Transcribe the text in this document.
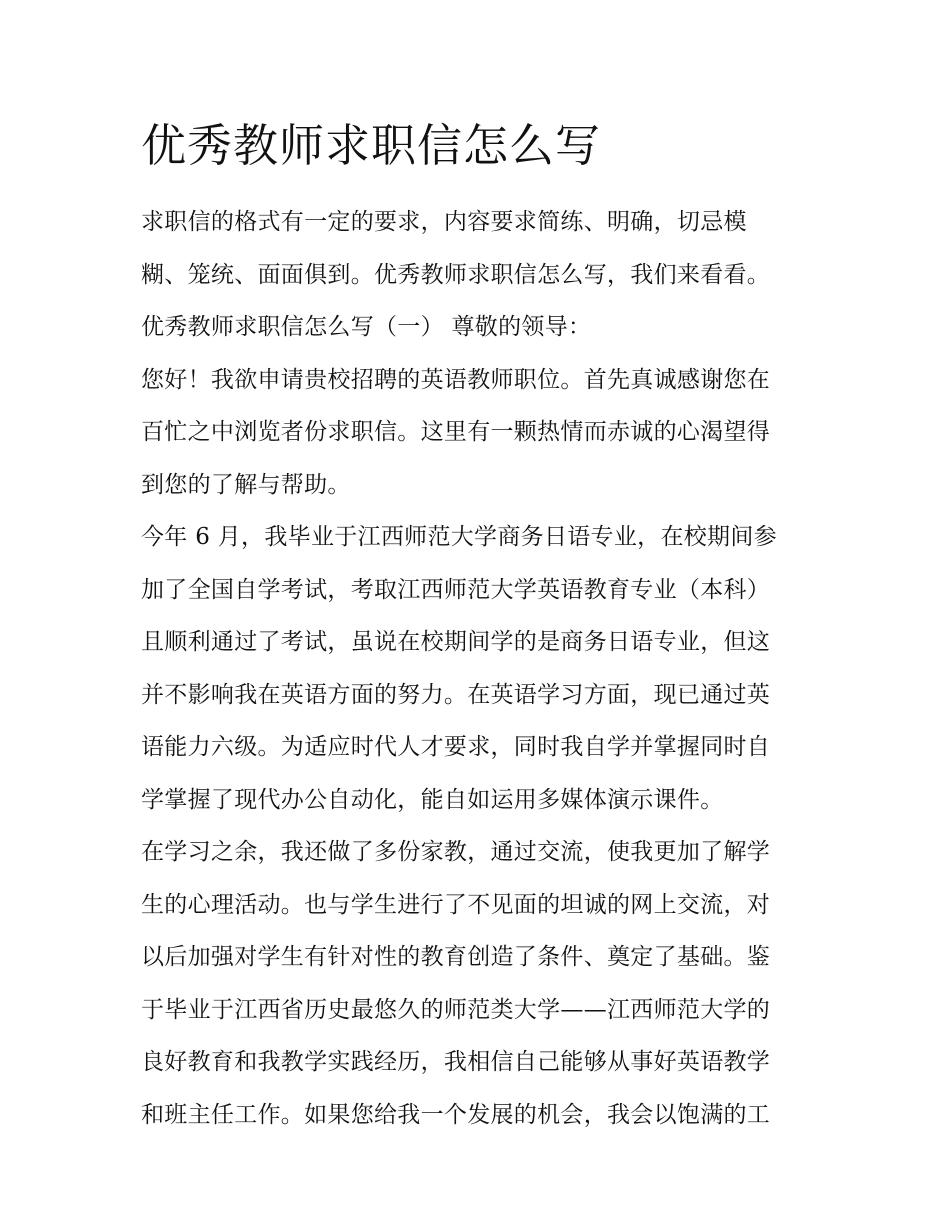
优秀教师求职信怎么写
求职信的格式有一定的要求，内容要求简练、明确，切忌模
糊、笼统、面面俱到。优秀教师求职信怎么写，我们来看看。
优秀教师求职信怎么写（一） 尊敬的领导：
您好！我欲申请贵校招聘的英语教师职位。首先真诚感谢您在
百忙之中浏览者份求职信。这里有一颗热情而赤诚的心渴望得
到您的了解与帮助。
今年 6 月，我毕业于江西师范大学商务日语专业，在校期间参
加了全国自学考试，考取江西师范大学英语教育专业（本科）
且顺利通过了考试，虽说在校期间学的是商务日语专业，但这
并不影响我在英语方面的努力。在英语学习方面，现已通过英
语能力六级。为适应时代人才要求，同时我自学并掌握同时自
学掌握了现代办公自动化，能自如运用多媒体演示课件。
在学习之余，我还做了多份家教，通过交流，使我更加了解学
生的心理活动。也与学生进行了不见面的坦诚的网上交流，对
以后加强对学生有针对性的教育创造了条件、奠定了基础。鉴
于毕业于江西省历史最悠久的师范类大学——江西师范大学的
良好教育和我教学实践经历，我相信自己能够从事好英语教学
和班主任工作。如果您给我一个发展的机会，我会以饱满的工
